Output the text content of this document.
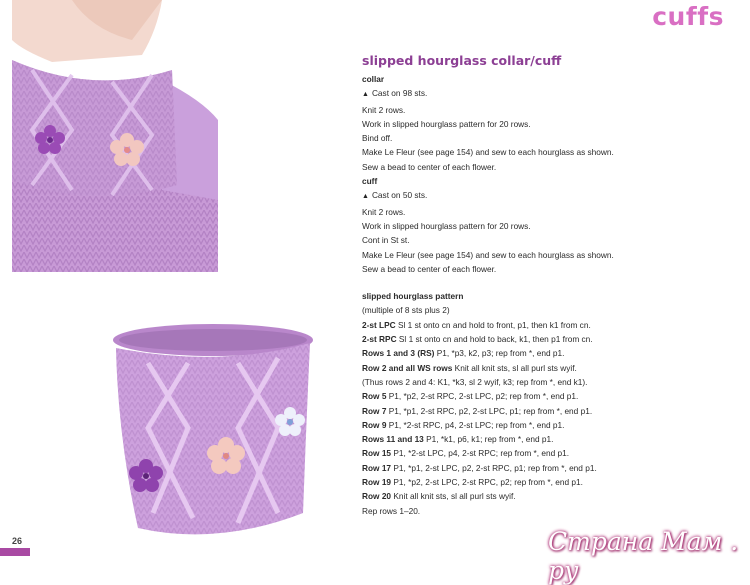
cuffs
slipped hourglass collar/cuff
collar
▲ Cast on 98 sts.
Knit 2 rows.
Work in slipped hourglass pattern for 20 rows.
Bind off.
Make Le Fleur (see page 154) and sew to each hourglass as shown.
Sew a bead to center of each flower.
cuff
▲ Cast on 50 sts.
Knit 2 rows.
Work in slipped hourglass pattern for 20 rows.
Cont in St st.
Make Le Fleur (see page 154) and sew to each hourglass as shown.
Sew a bead to center of each flower.
slipped hourglass pattern
(multiple of 8 sts plus 2)
2-st LPC Sl 1 st onto cn and hold to front, p1, then k1 from cn.
2-st RPC Sl 1 st onto cn and hold to back, k1, then p1 from cn.
Rows 1 and 3 (RS) P1, *p3, k2, p3; rep from *, end p1.
Row 2 and all WS rows Knit all knit sts, sl all purl sts wyif.
(Thus rows 2 and 4: K1, *k3, sl 2 wyif, k3; rep from *, end k1).
Row 5 P1, *p2, 2-st RPC, 2-st LPC, p2; rep from *, end p1.
Row 7 P1, *p1, 2-st RPC, p2, 2-st LPC, p1; rep from *, end p1.
Row 9 P1, *2-st RPC, p4, 2-st LPC; rep from *, end p1.
Rows 11 and 13 P1, *k1, p6, k1; rep from *, end p1.
Row 15 P1, *2-st LPC, p4, 2-st RPC; rep from *, end p1.
Row 17 P1, *p1, 2-st LPC, p2, 2-st RPC, p1; rep from *, end p1.
Row 19 P1, *p2, 2-st LPC, 2-st RPC, p2; rep from *, end p1.
Row 20 Knit all knit sts, sl all purl sts wyif.
Rep rows 1–20.
26	Страна Мам . ру
